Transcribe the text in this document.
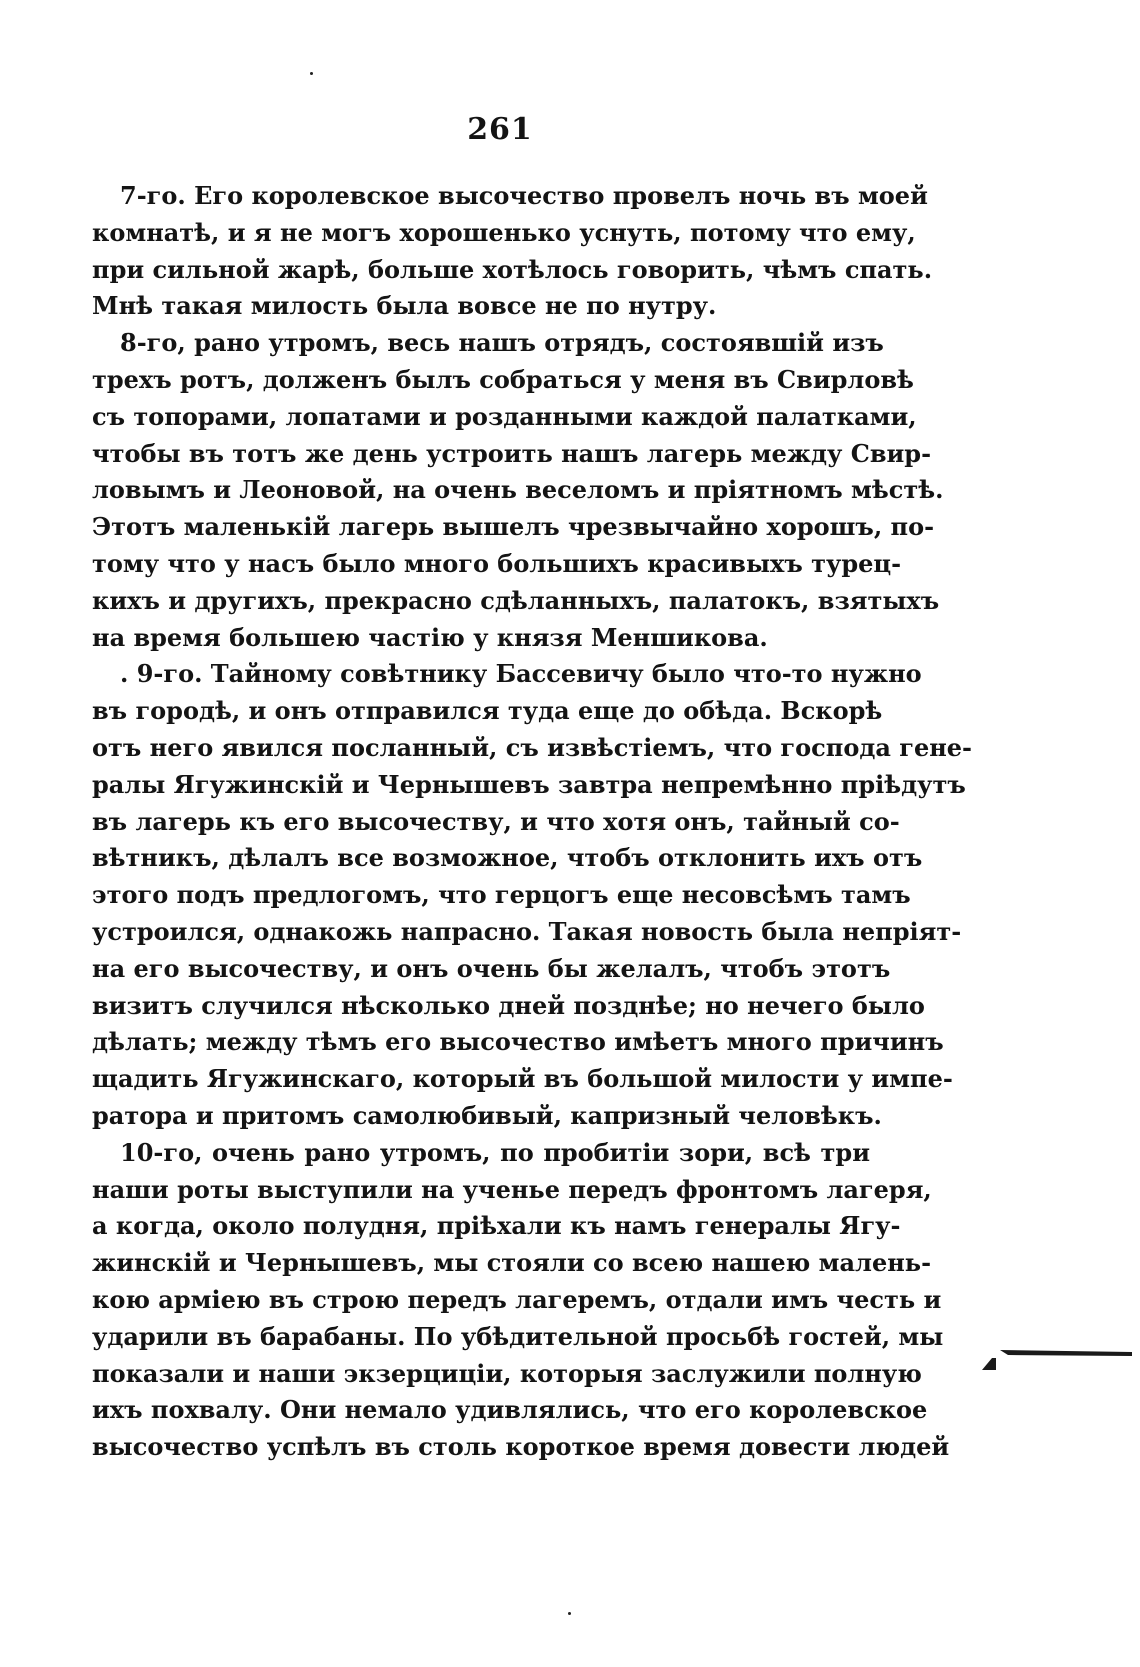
261
7-го. Его королевское высочество провелъ ночь въ моей
комнатѣ, и я не могъ хорошенько уснуть, потому что ему,
при сильной жарѣ, больше хотѣлось говорить, чѣмъ спать.
Мнѣ такая милость была вовсе не по нутру.
8-го, рано утромъ, весь нашъ отрядъ, состоявшій изъ
трехъ ротъ, долженъ былъ собраться у меня въ Свирловѣ
съ топорами, лопатами и розданными каждой палатками,
чтобы въ тотъ же день устроить нашъ лагерь между Свир-
ловымъ и Леоновой, на очень веселомъ и пріятномъ мѣстѣ.
Этотъ маленькій лагерь вышелъ чрезвычайно хорошъ, по-
тому что у насъ было много большихъ красивыхъ турец-
кихъ и другихъ, прекрасно сдѣланныхъ, палатокъ, взятыхъ
на время большею частію у князя Меншикова.
. 9-го. Тайному совѣтнику Бассевичу было что-то нужно
въ городѣ, и онъ отправился туда еще до обѣда. Вскорѣ
отъ него явился посланный, съ извѣстіемъ, что господа гене-
ралы Ягужинскій и Чернышевъ завтра непремѣнно пріѣдутъ
въ лагерь къ его высочеству, и что хотя онъ, тайный со-
вѣтникъ, дѣлалъ все возможное, чтобъ отклонить ихъ отъ
этого подъ предлогомъ, что герцогъ еще несовсѣмъ тамъ
устроился, однакожь напрасно. Такая новость была непріят-
на его высочеству, и онъ очень бы желалъ, чтобъ этотъ
визитъ случился нѣсколько дней позднѣе; но нечего было
дѣлать; между тѣмъ его высочество имѣетъ много причинъ
щадить Ягужинскаго, который въ большой милости у импе-
ратора и притомъ самолюбивый, капризный человѣкъ.
10-го, очень рано утромъ, по пробитіи зори, всѣ три
наши роты выступили на ученье передъ фронтомъ лагеря,
а когда, около полудня, пріѣхали къ намъ генералы Ягу-
жинскій и Чернышевъ, мы стояли со всею нашею малень-
кою арміею въ строю передъ лагеремъ, отдали имъ честь и
ударили въ барабаны. По убѣдительной просьбѣ гостей, мы
показали и наши экзерциціи, которыя заслужили полную
ихъ похвалу. Они немало удивлялись, что его королевское
высочество успѣлъ въ столь короткое время довести людей
